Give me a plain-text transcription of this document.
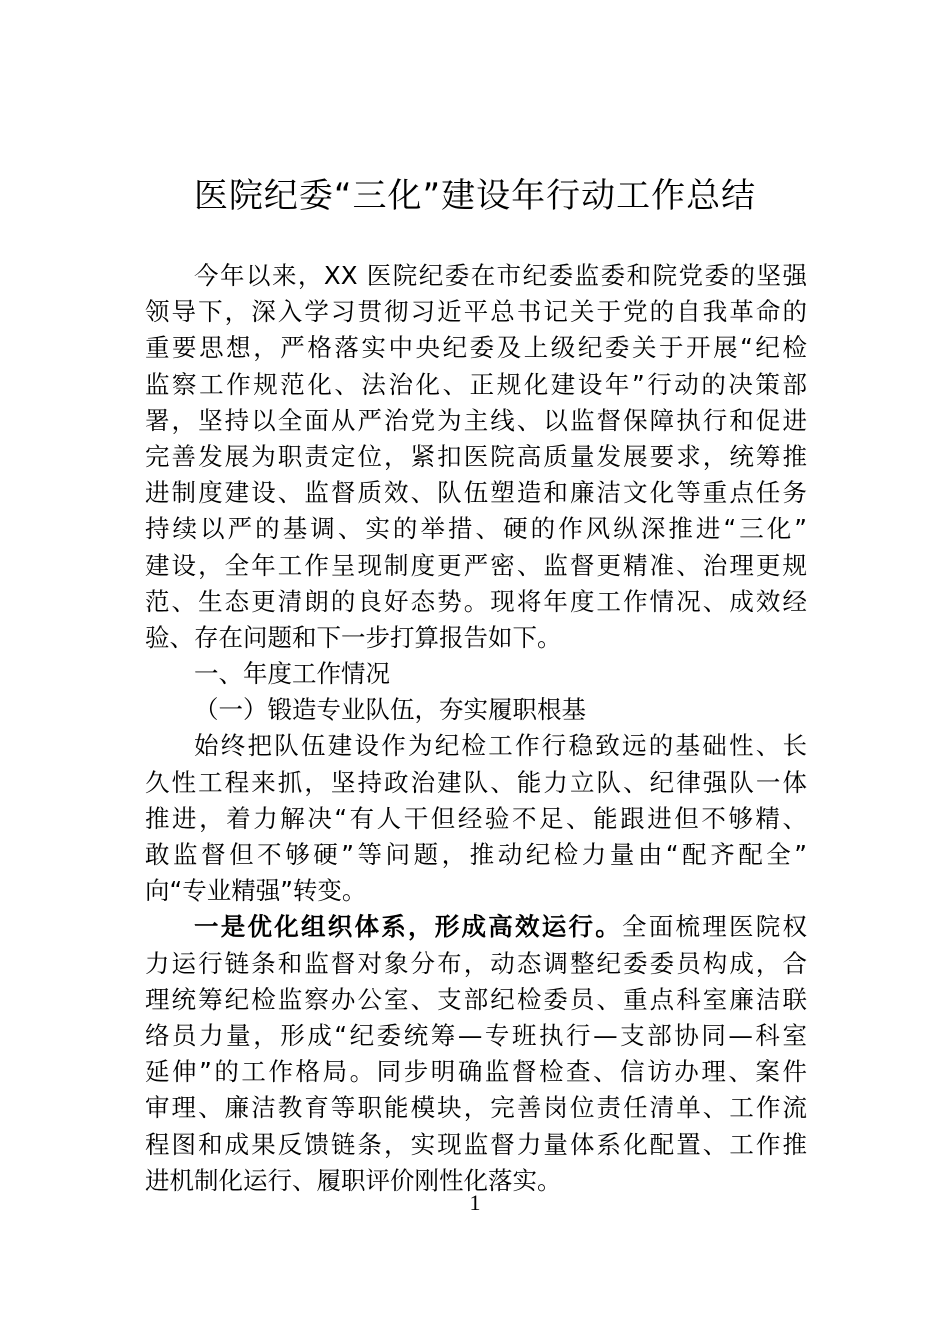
医院纪委“三化”建设年行动工作总结
今年以来，XX 医院纪委在市纪委监委和院党委的坚强
领导下，深入学习贯彻习近平总书记关于党的自我革命的
重要思想，严格落实中央纪委及上级纪委关于开展“纪检
监察工作规范化、法治化、正规化建设年”行动的决策部
署，坚持以全面从严治党为主线、以监督保障执行和促进
完善发展为职责定位，紧扣医院高质量发展要求，统筹推
进制度建设、监督质效、队伍塑造和廉洁文化等重点任务
持续以严的基调、实的举措、硬的作风纵深推进“三化”
建设，全年工作呈现制度更严密、监督更精准、治理更规
范、生态更清朗的良好态势。现将年度工作情况、成效经
验、存在问题和下一步打算报告如下。
一、年度工作情况
（一）锻造专业队伍，夯实履职根基
始终把队伍建设作为纪检工作行稳致远的基础性、长
久性工程来抓，坚持政治建队、能力立队、纪律强队一体
推进，着力解决“有人干但经验不足、能跟进但不够精、
敢监督但不够硬”等问题，推动纪检力量由“配齐配全”
向“专业精强”转变。
一是优化组织体系，形成高效运行。全面梳理医院权
力运行链条和监督对象分布，动态调整纪委委员构成，合
理统筹纪检监察办公室、支部纪检委员、重点科室廉洁联
络员力量，形成“纪委统筹—专班执行—支部协同—科室
延伸”的工作格局。同步明确监督检查、信访办理、案件
审理、廉洁教育等职能模块，完善岗位责任清单、工作流
程图和成果反馈链条，实现监督力量体系化配置、工作推
进机制化运行、履职评价刚性化落实。
1
